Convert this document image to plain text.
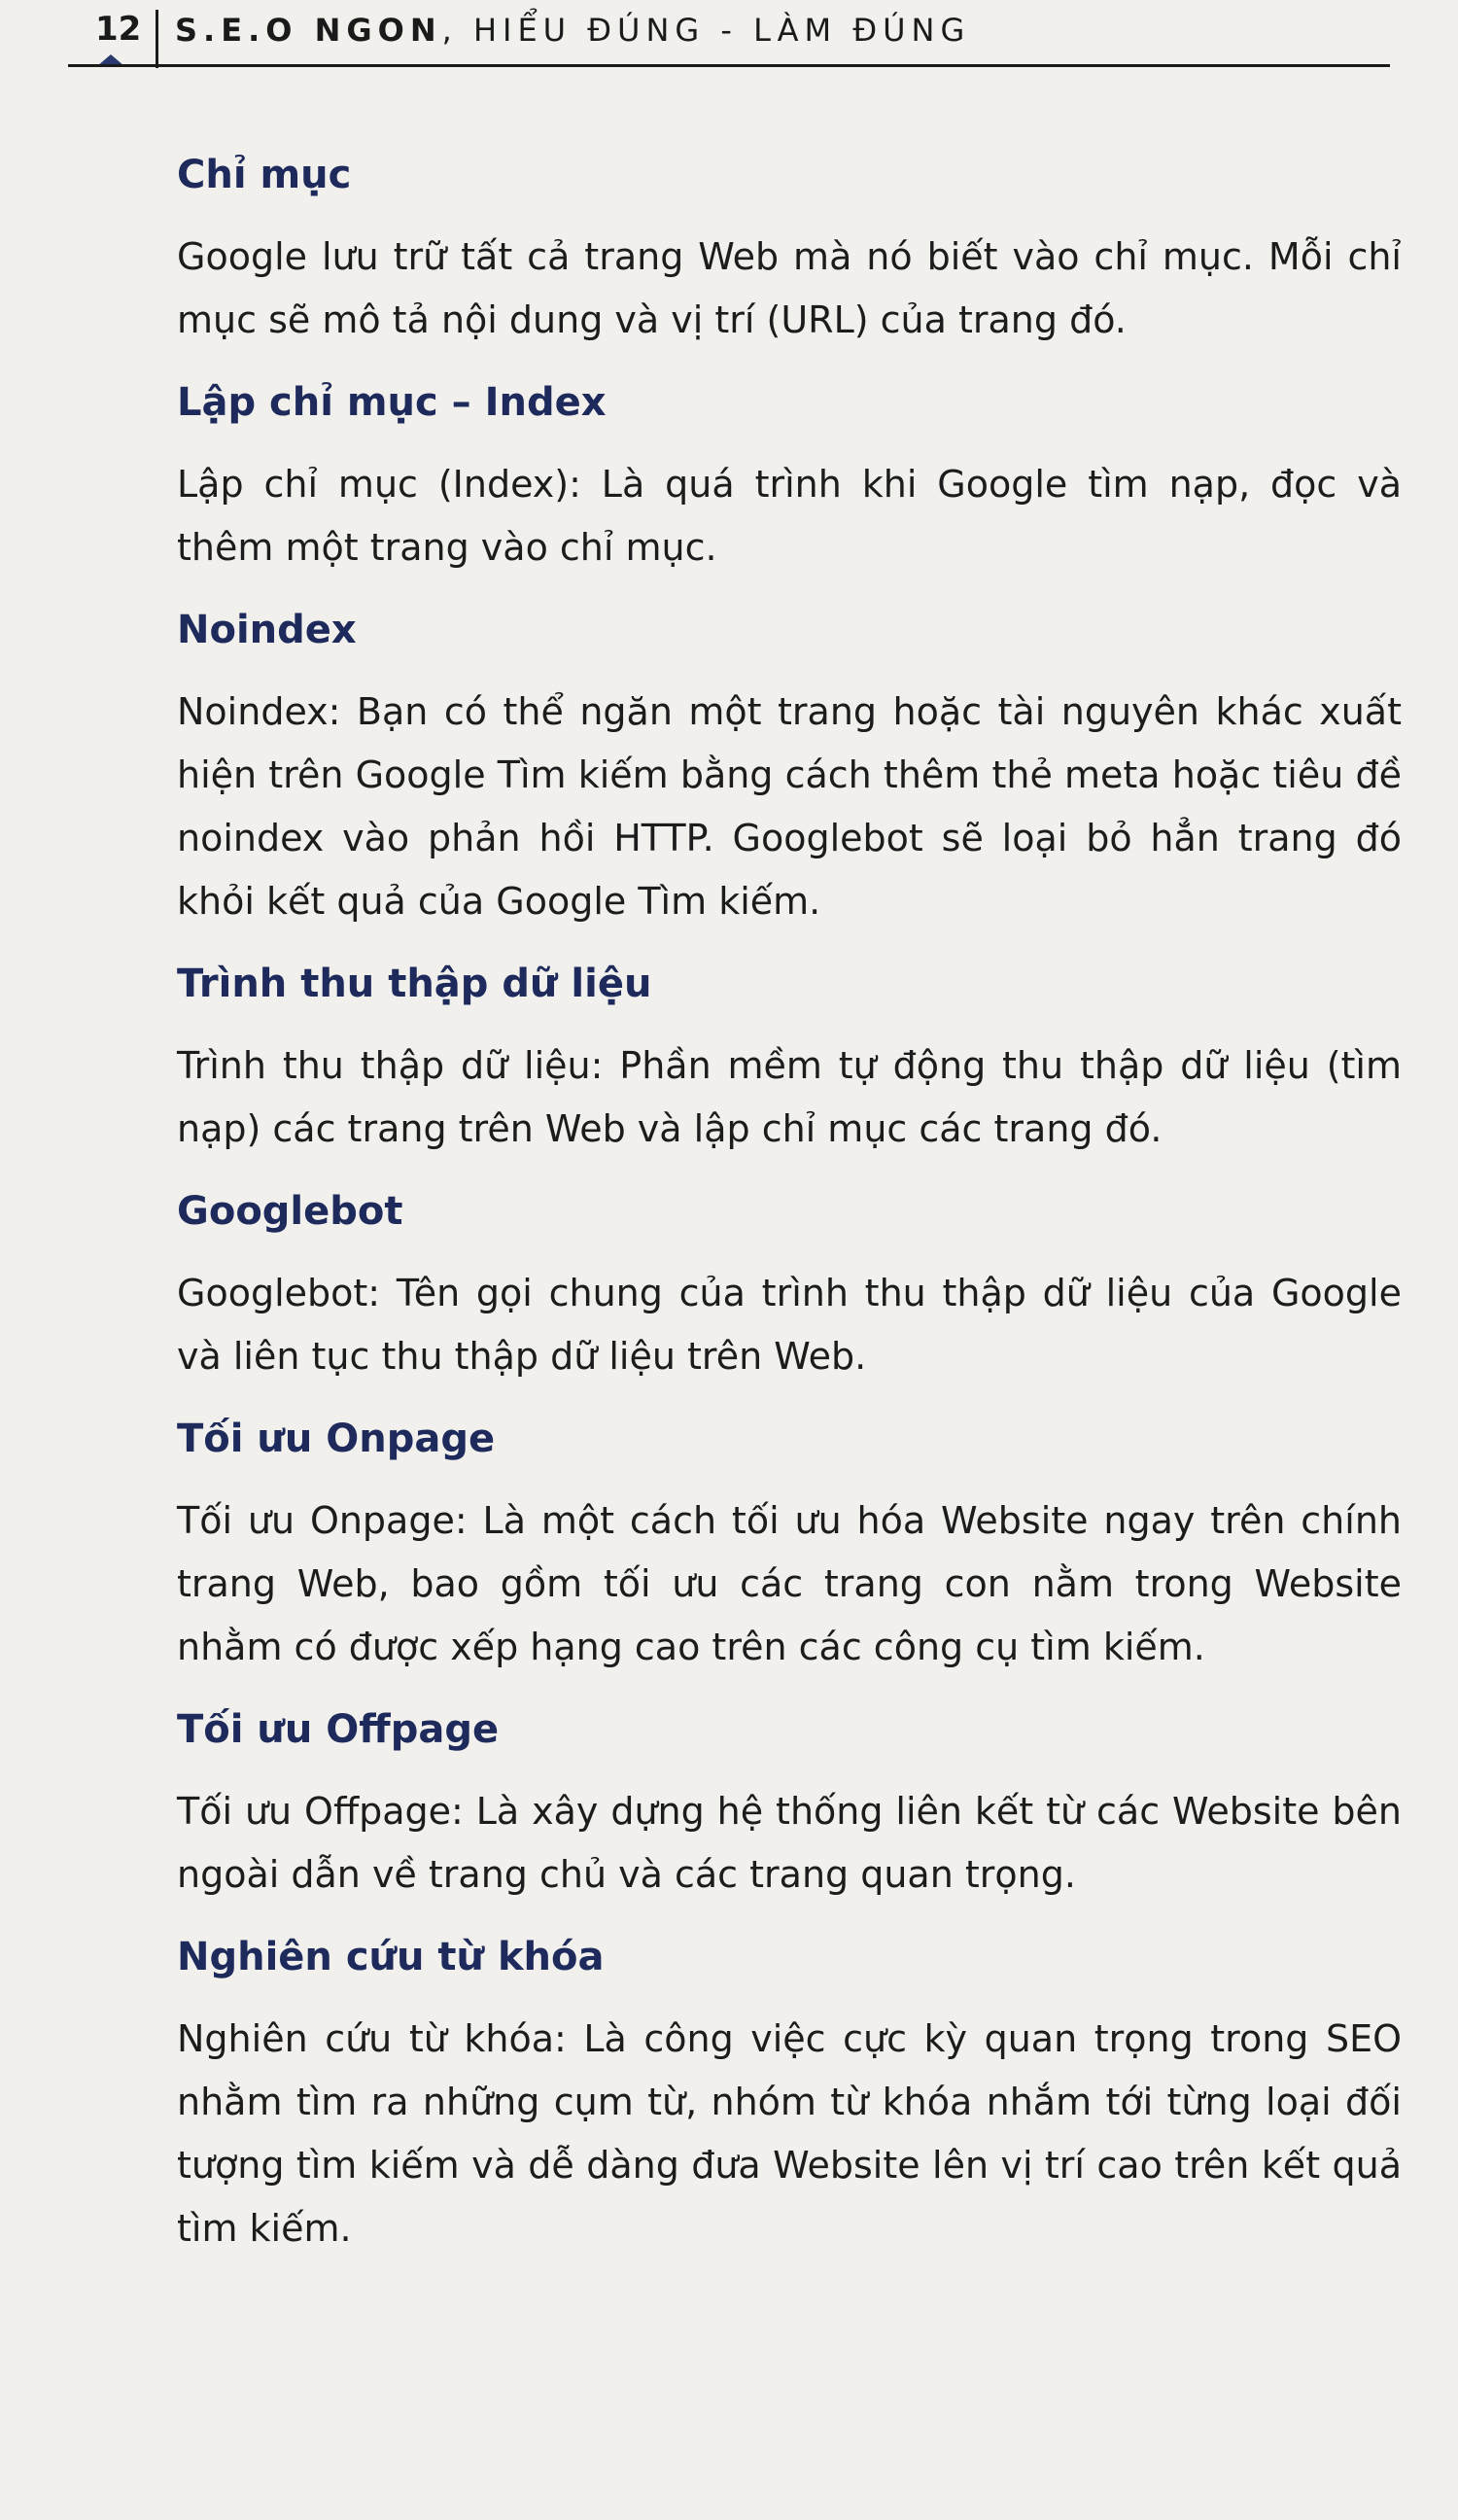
12 S.E.O NGON, HIỂU ĐÚNG - LÀM ĐÚNG
Chỉ mục

Google lưu trữ tất cả trang Web mà nó biết vào chỉ mục. Mỗi chỉ mục sẽ mô tả nội dung và vị trí (URL) của trang đó.

Lập chỉ mục – Index

Lập chỉ mục (Index): Là quá trình khi Google tìm nạp, đọc và thêm một trang vào chỉ mục.

Noindex

Noindex: Bạn có thể ngăn một trang hoặc tài nguyên khác xuất hiện trên Google Tìm kiếm bằng cách thêm thẻ meta hoặc tiêu đề noindex vào phản hồi HTTP. Googlebot sẽ loại bỏ hẳn trang đó khỏi kết quả của Google Tìm kiếm.

Trình thu thập dữ liệu

Trình thu thập dữ liệu: Phần mềm tự động thu thập dữ liệu (tìm nạp) các trang trên Web và lập chỉ mục các trang đó.

Googlebot

Googlebot: Tên gọi chung của trình thu thập dữ liệu của Google và liên tục thu thập dữ liệu trên Web.

Tối ưu Onpage

Tối ưu Onpage: Là một cách tối ưu hóa Website ngay trên chính trang Web, bao gồm tối ưu các trang con nằm trong Website nhằm có được xếp hạng cao trên các công cụ tìm kiếm.

Tối ưu Offpage

Tối ưu Offpage: Là xây dựng hệ thống liên kết từ các Website bên ngoài dẫn về trang chủ và các trang quan trọng.

Nghiên cứu từ khóa

Nghiên cứu từ khóa: Là công việc cực kỳ quan trọng trong SEO nhằm tìm ra những cụm từ, nhóm từ khóa nhắm tới từng loại đối tượng tìm kiếm và dễ dàng đưa Website lên vị trí cao trên kết quả tìm kiếm.
